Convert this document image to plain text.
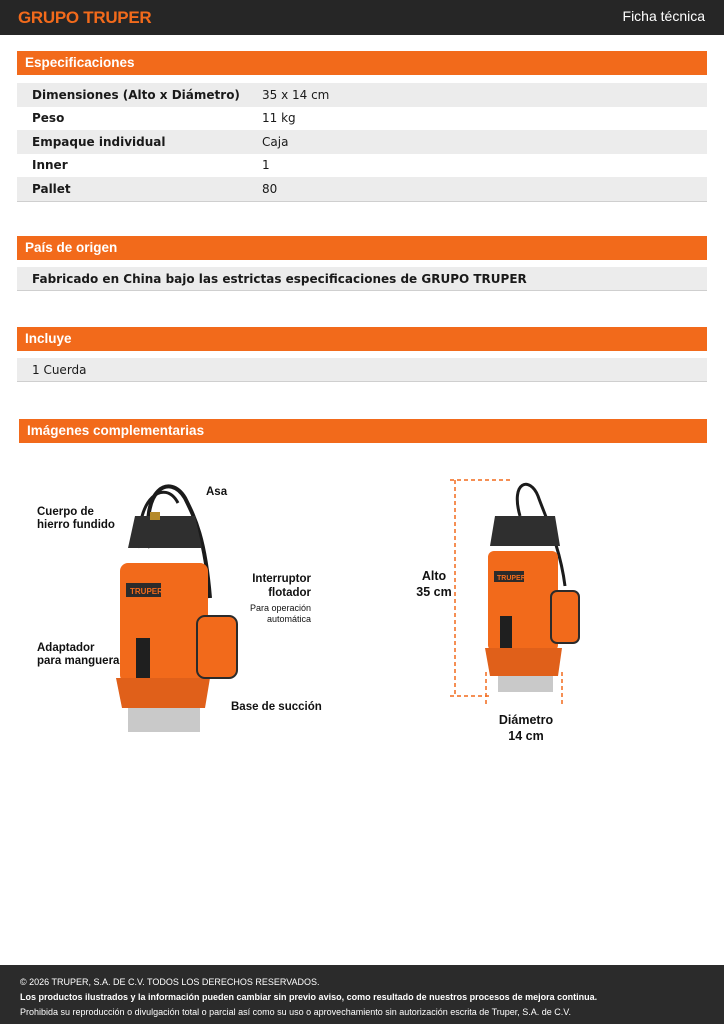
GRUPO TRUPER	Ficha técnica
Especificaciones
Dimensiones (Alto x Diámetro)	35 x 14 cm
Peso	11 kg
Empaque individual	Caja
Inner	1
Pallet	80
País de origen
Fabricado en China bajo las estrictas especificaciones de GRUPO TRUPER
Incluye
1 Cuerda
Imágenes complementarias
TRUPER
Asa
Cuerpo de
hierro fundido
Interruptor
flotador
Para operación
automática
Adaptador
para manguera
Base de succión
TRUPER
Alto
35 cm
Diámetro
14 cm
© 2026 TRUPER, S.A. DE C.V. TODOS LOS DERECHOS RESERVADOS.
Los productos ilustrados y la información pueden cambiar sin previo aviso, como resultado de nuestros procesos de mejora continua.
Prohibida su reproducción o divulgación total o parcial así como su uso o aprovechamiento sin autorización escrita de Truper, S.A. de C.V.
